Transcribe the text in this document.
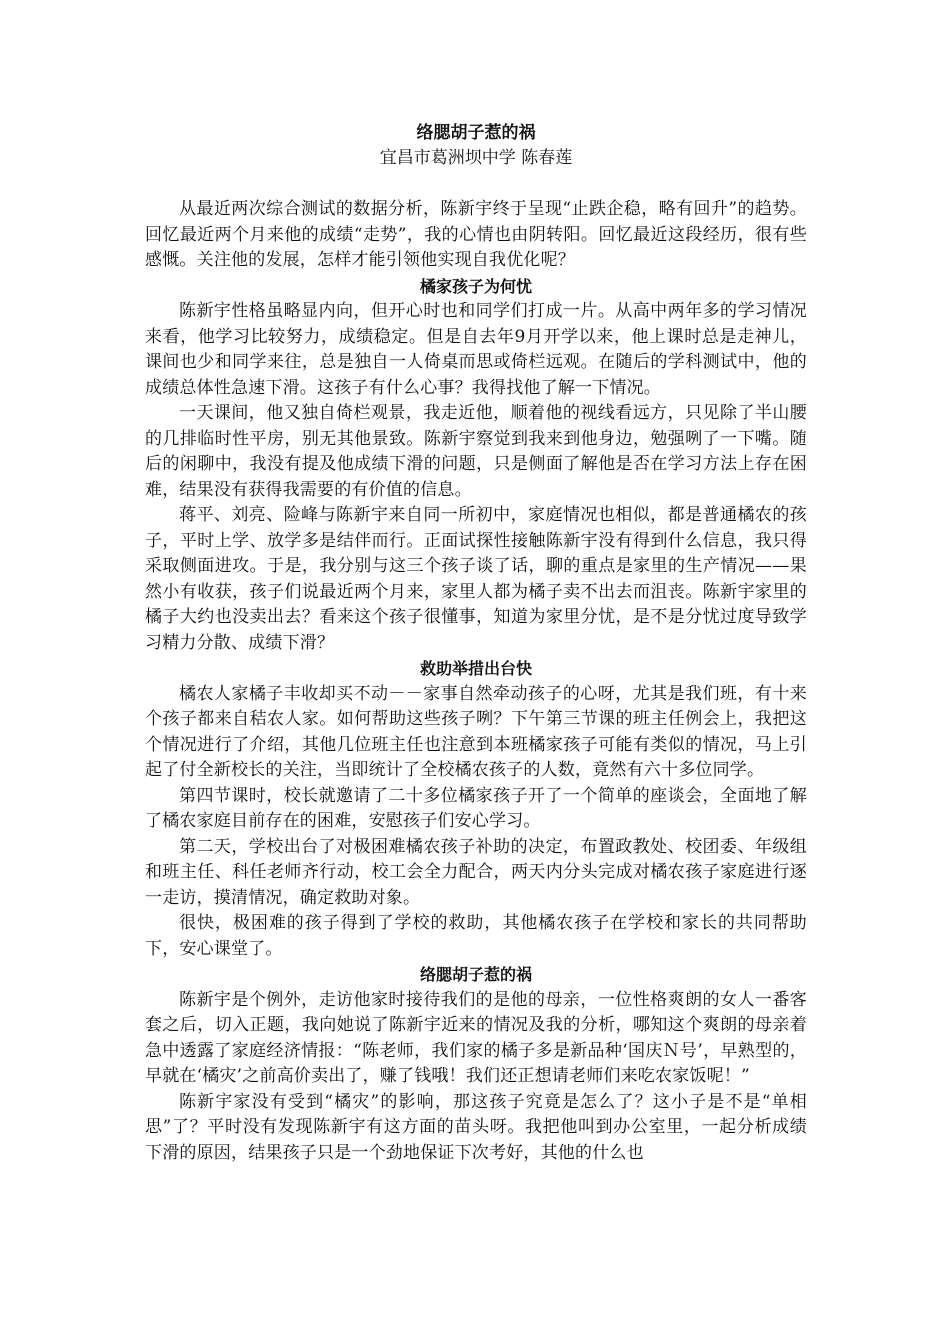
络腮胡子惹的祸
宜昌市葛洲坝中学 陈春莲

从最近两次综合测试的数据分析，陈新宇终于呈现“止跌企稳，略有回升”的趋势。回忆最近两个月来他的成绩“走势”，我的心情也由阴转阳。回忆最近这段经历，很有些感慨。关注他的发展，怎样才能引领他实现自我优化呢？

橘家孩子为何忧

陈新宇性格虽略显内向，但开心时也和同学们打成一片。从高中两年多的学习情况来看，他学习比较努力，成绩稳定。但是自去年9月开学以来，他上课时总是走神儿，课间也少和同学来往，总是独自一人倚桌而思或倚栏远观。在随后的学科测试中，他的成绩总体性急速下滑。这孩子有什么心事？我得找他了解一下情况。

一天课间，他又独自倚栏观景，我走近他，顺着他的视线看远方，只见除了半山腰的几排临时性平房，别无其他景致。陈新宇察觉到我来到他身边，勉强咧了一下嘴。随后的闲聊中，我没有提及他成绩下滑的问题，只是侧面了解他是否在学习方法上存在困难，结果没有获得我需要的有价值的信息。

蒋平、刘亮、险峰与陈新宇来自同一所初中，家庭情况也相似，都是普通橘农的孩子，平时上学、放学多是结伴而行。正面试探性接触陈新宇没有得到什么信息，我只得采取侧面进攻。于是，我分别与这三个孩子谈了话，聊的重点是家里的生产情况——果然小有收获，孩子们说最近两个月来，家里人都为橘子卖不出去而沮丧。陈新宇家里的橘子大约也没卖出去？看来这个孩子很懂事，知道为家里分忧，是不是分忧过度导致学习精力分散、成绩下滑？

救助举措出台快

橘农人家橘子丰收却买不动－－家事自然牵动孩子的心呀，尤其是我们班，有十来个孩子都来自秸农人家。如何帮助这些孩子咧？下午第三节课的班主任例会上，我把这个情况进行了介绍，其他几位班主任也注意到本班橘家孩子可能有类似的情况，马上引起了付全新校长的关注，当即统计了全校橘农孩子的人数，竟然有六十多位同学。

第四节课时，校长就邀请了二十多位橘家孩子开了一个简单的座谈会，全面地了解了橘农家庭目前存在的困难，安慰孩子们安心学习。

第二天，学校出台了对极困难橘农孩子补助的决定，布置政教处、校团委、年级组和班主任、科任老师齐行动，校工会全力配合，两天内分头完成对橘农孩子家庭进行逐一走访，摸清情况，确定救助对象。

很快，极困难的孩子得到了学校的救助，其他橘农孩子在学校和家长的共同帮助下，安心课堂了。

络腮胡子惹的祸

陈新宇是个例外，走访他家时接待我们的是他的母亲，一位性格爽朗的女人一番客套之后，切入正题，我向她说了陈新宇近来的情况及我的分析，哪知这个爽朗的母亲着急中透露了家庭经济情报：“陈老师，我们家的橘子多是新品种‘国庆Ｎ号’，早熟型的，早就在‘橘灾’之前高价卖出了，赚了钱哦！我们还正想请老师们来吃农家饭呢！”

陈新宇家没有受到“橘灾”的影响，那这孩子究竟是怎么了？这小子是不是“单相思”了？平时没有发现陈新宇有这方面的苗头呀。我把他叫到办公室里，一起分析成绩下滑的原因，结果孩子只是一个劲地保证下次考好，其他的什么也
